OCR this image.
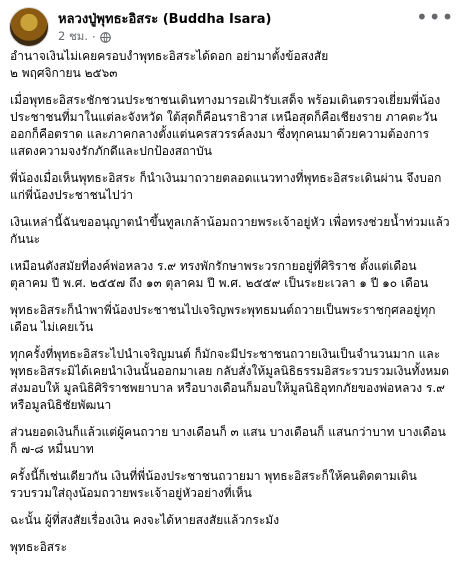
หลวงปู่พุทธะอิสระ (Buddha Isara)
2 ชม. ·
•••

อำนาจเงินไม่เคยครอบงำพุทธะอิสระได้ดอก อย่ามาตั้งข้อสงสัย
๒ พฤศจิกายน ๒๕๖๓

เมื่อพุทธะอิสระชักชวนประชาชนเดินทางมารอเฝ้ารับเสด็จ พร้อมเดินตรวจเยี่ยมพี่น้องประชาชนที่มาในแต่ละจังหวัด ใต้สุดก็คือนราธิวาส เหนือสุดก็คือเชียงราย ภาคตะวันออกก็คือตราด และภาคกลางตั้งแต่นครสวรรค์ลงมา ซึ่งทุกคนมาด้วยความต้องการแสดงความจงรักภักดีและปกป้องสถาบัน

พี่น้องเมื่อเห็นพุทธะอิสระ ก็นำเงินมาถวายตลอดแนวทางที่พุทธะอิสระเดินผ่าน จึงบอกแก่พี่น้องประชาชนไปว่า

เงินเหล่านี้ฉันขออนุญาตนำขึ้นทูลเกล้าน้อมถวายพระเจ้าอยู่หัว เพื่อทรงช่วยน้ำท่วมแล้วกันนะ

เหมือนดังสมัยที่องค์พ่อหลวง ร.๙ ทรงพักรักษาพระวรกายอยู่ที่ศิริราช ตั้งแต่เดือน ตุลาคม ปี พ.ศ. ๒๕๕๗ ถึง ๑๓ ตุลาคม ปี พ.ศ. ๒๕๕๙ เป็นระยะเวลา ๑ ปี ๑๐ เดือน

พุทธะอิสระก็นำพาพี่น้องประชาชนไปเจริญพระพุทธมนต์ถวายเป็นพระราชกุศลอยู่ทุกเดือน ไม่เคยเว้น

ทุกครั้งที่พุทธะอิสระไปนำเจริญมนต์ ก็มักจะมีประชาชนถวายเงินเป็นจำนวนมาก และพุทธะอิสระมิได้เคยนำเงินนั้นออกมาเลย กลับสั่งให้มูลนิธิธรรมอิสระรวบรวมเงินทั้งหมดส่งมอบให้ มูลนิธิศิริราชพยาบาล หรือบางเดือนก็มอบให้มูลนิธิอุทกภัยของพ่อหลวง ร.๙ หรือมูลนิธิชัยพัฒนา

ส่วนยอดเงินก็แล้วแต่ผู้คนถวาย บางเดือนก็ ๓ แสน บางเดือนก็ แสนกว่าบาท บางเดือนก็ ๗-๘ หมื่นบาท

ครั้งนี้ก็เช่นเดียวกัน เงินที่พี่น้องประชาชนถวายมา พุทธะอิสระก็ให้คนติดตามเดินรวบรวมใส่ถุงน้อมถวายพระเจ้าอยู่หัวอย่างที่เห็น

ฉะนั้น ผู้ที่สงสัยเรื่องเงิน คงจะได้หายสงสัยแล้วกระมัง

พุทธะอิสระ
